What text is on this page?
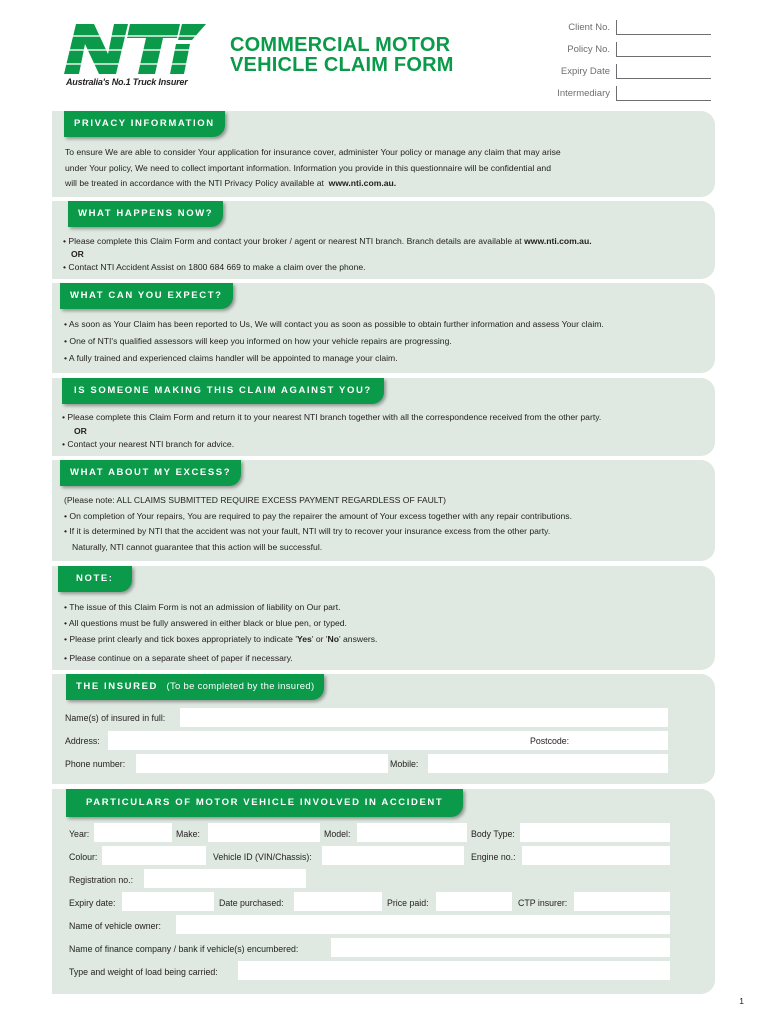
Australia's No.1 Truck Insurer
COMMERCIAL MOTOR
VEHICLE CLAIM FORM
Client No.
Policy No.
Expiry Date
Intermediary
PRIVACY INFORMATION
To ensure We are able to consider Your application for insurance cover, administer Your policy or manage any claim that may arise
under Your policy, We need to collect important information. Information you provide in this questionnaire will be confidential and
will be treated in accordance with the NTI Privacy Policy available at www.nti.com.au.
WHAT HAPPENS NOW?
• Please complete this Claim Form and contact your broker / agent or nearest NTI branch. Branch details are available at www.nti.com.au.
OR
• Contact NTI Accident Assist on 1800 684 669 to make a claim over the phone.
WHAT CAN YOU EXPECT?
• As soon as Your Claim has been reported to Us, We will contact you as soon as possible to obtain further information and assess Your claim.
• One of NTI's qualified assessors will keep you informed on how your vehicle repairs are progressing.
• A fully trained and experienced claims handler will be appointed to manage your claim.
IS SOMEONE MAKING THIS CLAIM AGAINST YOU?
• Please complete this Claim Form and return it to your nearest NTI branch together with all the correspondence received from the other party.
OR
• Contact your nearest NTI branch for advice.
WHAT ABOUT MY EXCESS?
(Please note: ALL CLAIMS SUBMITTED REQUIRE EXCESS PAYMENT REGARDLESS OF FAULT)
• On completion of Your repairs, You are required to pay the repairer the amount of Your excess together with any repair contributions.
• If it is determined by NTI that the accident was not your fault, NTI will try to recover your insurance excess from the other party.
Naturally, NTI cannot guarantee that this action will be successful.
NOTE:
• The issue of this Claim Form is not an admission of liability on Our part.
• All questions must be fully answered in either black or blue pen, or typed.
• Please print clearly and tick boxes appropriately to indicate 'Yes' or 'No' answers.
• Please continue on a separate sheet of paper if necessary.
THE INSURED (To be completed by the insured)
Name(s) of insured in full:
Address:	Postcode:
Phone number:	Mobile:
PARTICULARS OF MOTOR VEHICLE INVOLVED IN ACCIDENT
Year:	Make:	Model:	Body Type:
Colour:	Vehicle ID (VIN/Chassis):	Engine no.:
Registration no.:
Expiry date:	Date purchased:	Price paid:	CTP insurer:
Name of vehicle owner:
Name of finance company / bank if vehicle(s) encumbered:
Type and weight of load being carried:
1
